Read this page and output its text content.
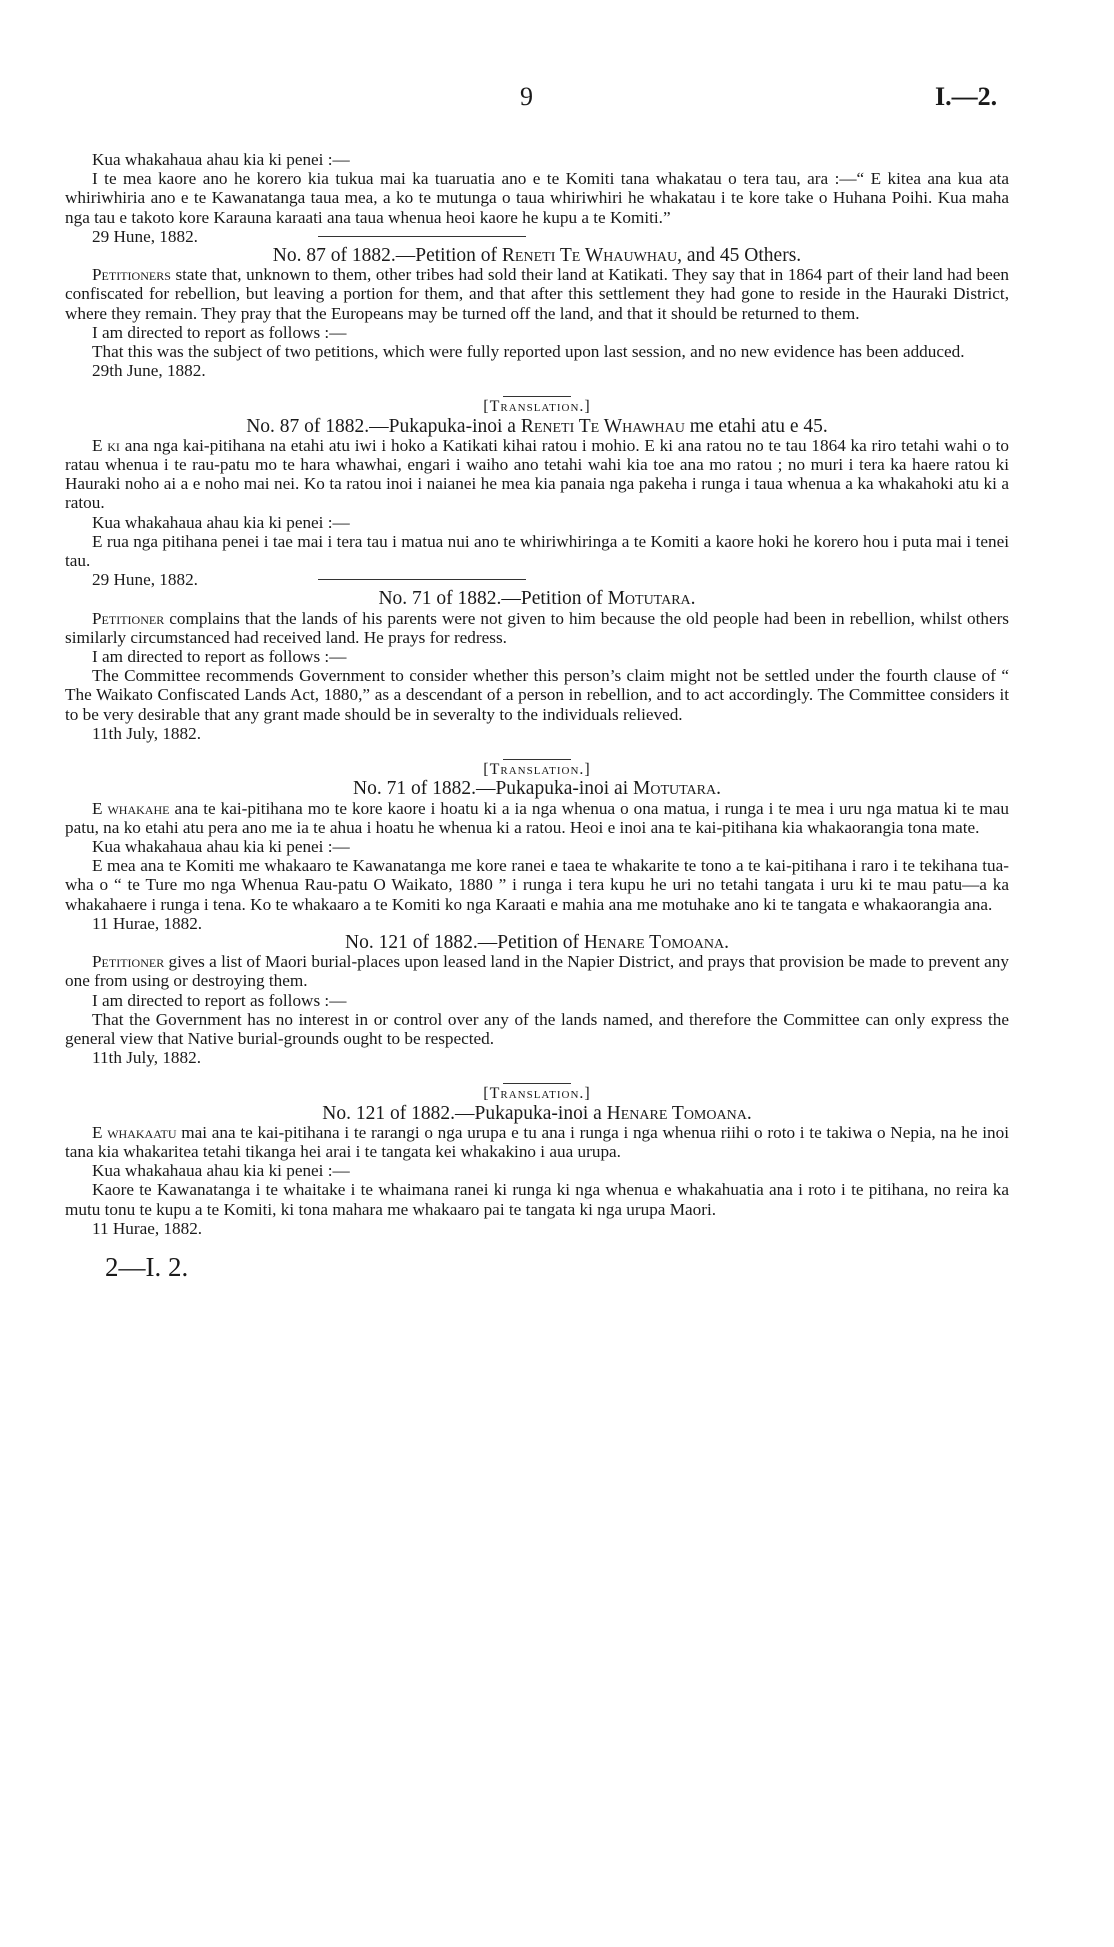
9	I.—2.

Kua whakahaua ahau kia ki penei :—

I te mea kaore ano he korero kia tukua mai ka tuaruatia ano e te Komiti tana whakatau o tera tau, ara :—“ E kitea ana kua ata whiriwhiria ano e te Kawanatanga taua mea, a ko te mutunga o taua whiriwhiri he whakatau i te kore take o Huhana Poihi. Kua maha nga tau e takoto kore Karauna karaati ana taua whenua heoi kaore he kupu a te Komiti.”

29 Hune, 1882.

No. 87 of 1882.—Petition of Reneti Te Whauwhau, and 45 Others.

Petitioners state that, unknown to them, other tribes had sold their land at Katikati. They say that in 1864 part of their land had been confiscated for rebellion, but leaving a portion for them, and that after this settlement they had gone to reside in the Hauraki District, where they remain. They pray that the Europeans may be turned off the land, and that it should be returned to them.

I am directed to report as follows :—

That this was the subject of two petitions, which were fully reported upon last session, and no new evidence has been adduced.

29th June, 1882.

[Translation.]

No. 87 of 1882.—Pukapuka-inoi a Reneti Te Whawhau me etahi atu e 45.

E ki ana nga kai-pitihana na etahi atu iwi i hoko a Katikati kihai ratou i mohio. E ki ana ratou no te tau 1864 ka riro tetahi wahi o to ratau whenua i te rau-patu mo te hara whawhai, engari i waiho ano tetahi wahi kia toe ana mo ratou ; no muri i tera ka haere ratou ki Hauraki noho ai a e noho mai nei. Ko ta ratou inoi i naianei he mea kia panaia nga pakeha i runga i taua whenua a ka whakahoki atu ki a ratou.

Kua whakahaua ahau kia ki penei :—

E rua nga pitihana penei i tae mai i tera tau i matua nui ano te whiriwhiringa a te Komiti a kaore hoki he korero hou i puta mai i tenei tau.

29 Hune, 1882.

No. 71 of 1882.—Petition of Motutara.

Petitioner complains that the lands of his parents were not given to him because the old people had been in rebellion, whilst others similarly circumstanced had received land. He prays for redress.

I am directed to report as follows :—

The Committee recommends Government to consider whether this person’s claim might not be settled under the fourth clause of “ The Waikato Confiscated Lands Act, 1880,” as a descendant of a person in rebellion, and to act accordingly. The Committee considers it to be very desirable that any grant made should be in severalty to the individuals relieved.

11th July, 1882.

[Translation.]

No. 71 of 1882.—Pukapuka-inoi ai Motutara.

E whakahe ana te kai-pitihana mo te kore kaore i hoatu ki a ia nga whenua o ona matua, i runga i te mea i uru nga matua ki te mau patu, na ko etahi atu pera ano me ia te ahua i hoatu he whenua ki a ratou. Heoi e inoi ana te kai-pitihana kia whakaorangia tona mate.

Kua whakahaua ahau kia ki penei :—

E mea ana te Komiti me whakaaro te Kawanatanga me kore ranei e taea te whakarite te tono a te kai-pitihana i raro i te tekihana tua-wha o “ te Ture mo nga Whenua Rau-patu O Waikato, 1880 ” i runga i tera kupu he uri no tetahi tangata i uru ki te mau patu—a ka whakahaere i runga i tena. Ko te whakaaro a te Komiti ko nga Karaati e mahia ana me motuhake ano ki te tangata e whakaorangia ana.

11 Hurae, 1882.

No. 121 of 1882.—Petition of Henare Tomoana.

Petitioner gives a list of Maori burial-places upon leased land in the Napier District, and prays that provision be made to prevent any one from using or destroying them.

I am directed to report as follows :—

That the Government has no interest in or control over any of the lands named, and therefore the Committee can only express the general view that Native burial-grounds ought to be respected.

11th July, 1882.

[Translation.]

No. 121 of 1882.—Pukapuka-inoi a Henare Tomoana.

E whakaatu mai ana te kai-pitihana i te rarangi o nga urupa e tu ana i runga i nga whenua riihi o roto i te takiwa o Nepia, na he inoi tana kia whakaritea tetahi tikanga hei arai i te tangata kei whakakino i aua urupa.

Kua whakahaua ahau kia ki penei :—

Kaore te Kawanatanga i te whaitake i te whaimana ranei ki runga ki nga whenua e whakahuatia ana i roto i te pitihana, no reira ka mutu tonu te kupu a te Komiti, ki tona mahara me whakaaro pai te tangata ki nga urupa Maori.

11 Hurae, 1882.

2—I. 2.
